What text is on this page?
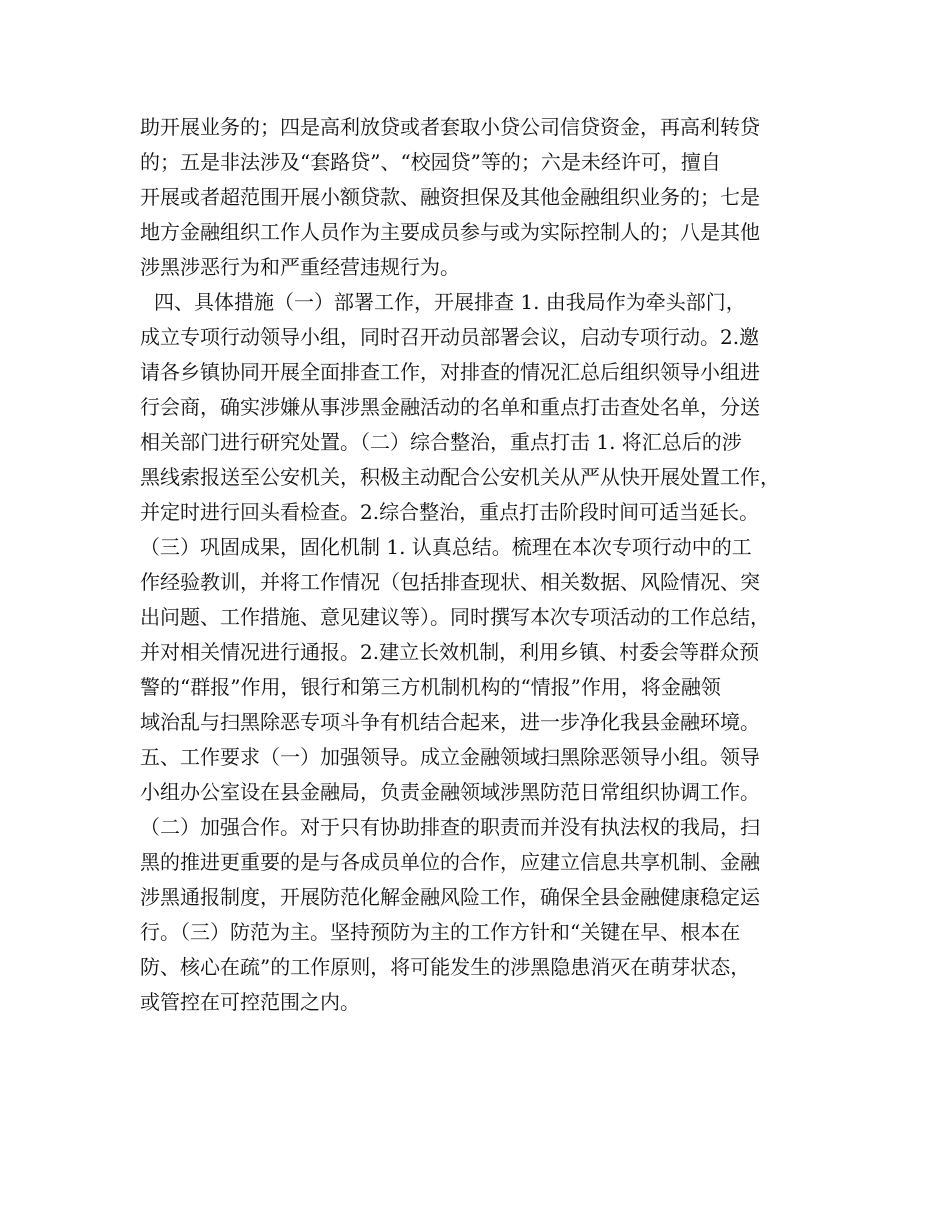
助开展业务的；四是高利放贷或者套取小贷公司信贷资金，再高利转贷
的；五是非法涉及“套路贷”、“校园贷”等的；六是未经许可，擅自
开展或者超范围开展小额贷款、融资担保及其他金融组织业务的；七是
地方金融组织工作人员作为主要成员参与或为实际控制人的；八是其他
涉黑涉恶行为和严重经营违规行为。
四、具体措施（一）部署工作，开展排查 1. 由我局作为牵头部门，
成立专项行动领导小组，同时召开动员部署会议，启动专项行动。2.邀
请各乡镇协同开展全面排查工作，对排查的情况汇总后组织领导小组进
行会商，确实涉嫌从事涉黑金融活动的名单和重点打击查处名单，分送
相关部门进行研究处置。（二）综合整治，重点打击 1. 将汇总后的涉
黑线索报送至公安机关，积极主动配合公安机关从严从快开展处置工作，
并定时进行回头看检查。2.综合整治，重点打击阶段时间可适当延长。
（三）巩固成果，固化机制 1. 认真总结。梳理在本次专项行动中的工
作经验教训，并将工作情况（包括排查现状、相关数据、风险情况、突
出问题、工作措施、意见建议等）。同时撰写本次专项活动的工作总结，
并对相关情况进行通报。2.建立长效机制，利用乡镇、村委会等群众预
警的“群报”作用，银行和第三方机制机构的“情报”作用，将金融领
域治乱与扫黑除恶专项斗争有机结合起来，进一步净化我县金融环境。
五、工作要求（一）加强领导。成立金融领域扫黑除恶领导小组。领导
小组办公室设在县金融局，负责金融领域涉黑防范日常组织协调工作。
（二）加强合作。对于只有协助排查的职责而并没有执法权的我局，扫
黑的推进更重要的是与各成员单位的合作，应建立信息共享机制、金融
涉黑通报制度，开展防范化解金融风险工作，确保全县金融健康稳定运
行。（三）防范为主。坚持预防为主的工作方针和“关键在早、根本在
防、核心在疏”的工作原则，将可能发生的涉黑隐患消灭在萌芽状态，
或管控在可控范围之内。
